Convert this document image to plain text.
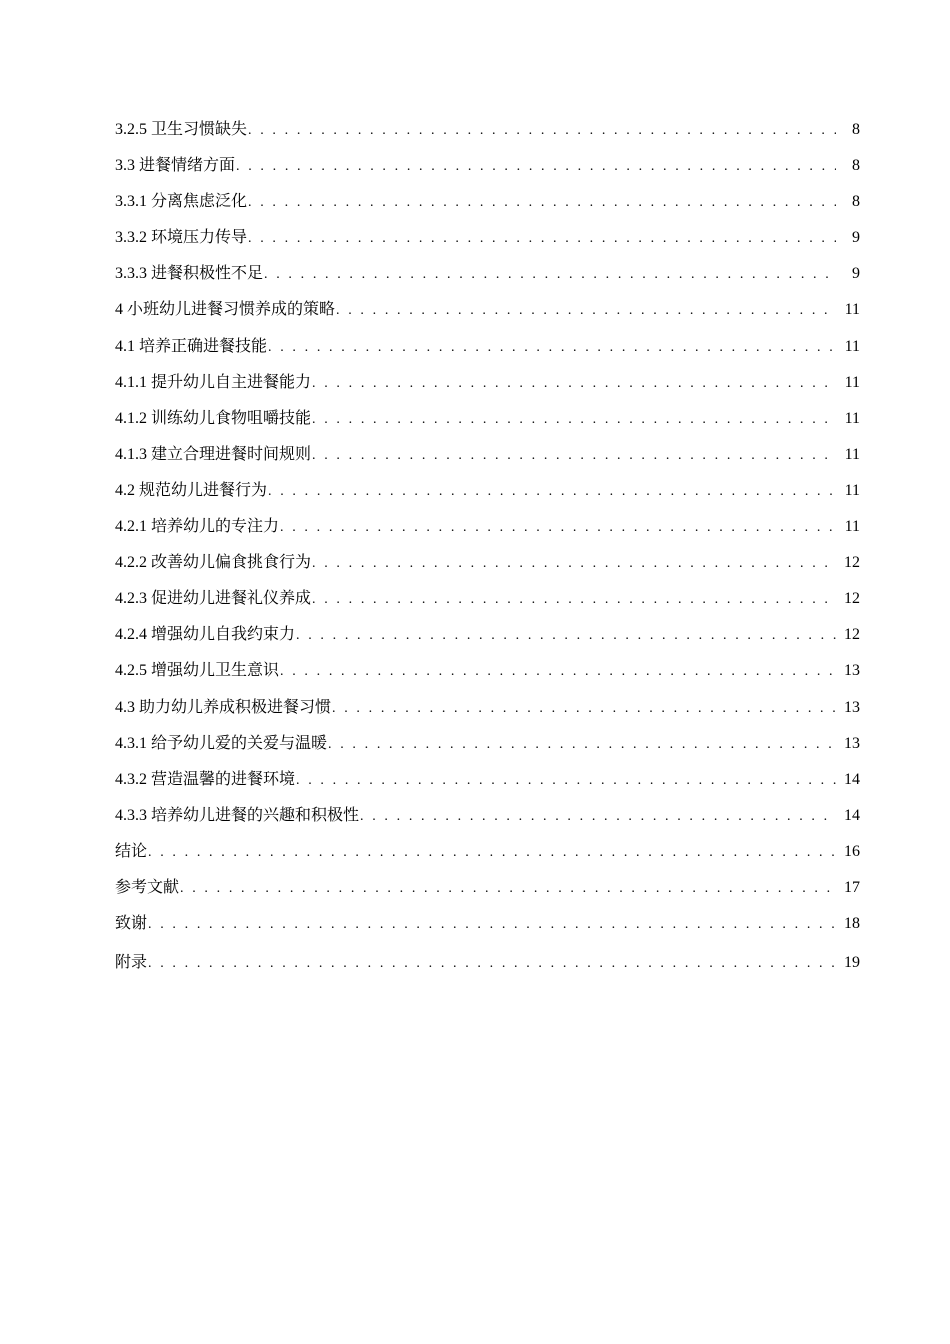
3.2.5 卫生习惯缺失 . . .	8
3.3 进餐情绪方面 . . .	8
3.3.1 分离焦虑泛化 . . .	8
3.3.2 环境压力传导 . . .	9
3.3.3 进餐积极性不足 . . .	9
4 小班幼儿进餐习惯养成的策略 . . .	11
4.1 培养正确进餐技能 . . .	11
4.1.1 提升幼儿自主进餐能力 . . .	11
4.1.2 训练幼儿食物咀嚼技能 . . .	11
4.1.3 建立合理进餐时间规则 . . .	11
4.2 规范幼儿进餐行为 . . .	11
4.2.1 培养幼儿的专注力 . . .	11
4.2.2 改善幼儿偏食挑食行为 . . .	12
4.2.3 促进幼儿进餐礼仪养成 . . .	12
4.2.4 增强幼儿自我约束力 . . .	12
4.2.5 增强幼儿卫生意识 . . .	13
4.3 助力幼儿养成积极进餐习惯 . . .	13
4.3.1 给予幼儿爱的关爱与温暖 . . .	13
4.3.2 营造温馨的进餐环境 . . .	14
4.3.3 培养幼儿进餐的兴趣和积极性 . . .	14
结论 . . .	16
参考文献 . . .	17
致谢 . . .	18
附录 . . .	19
